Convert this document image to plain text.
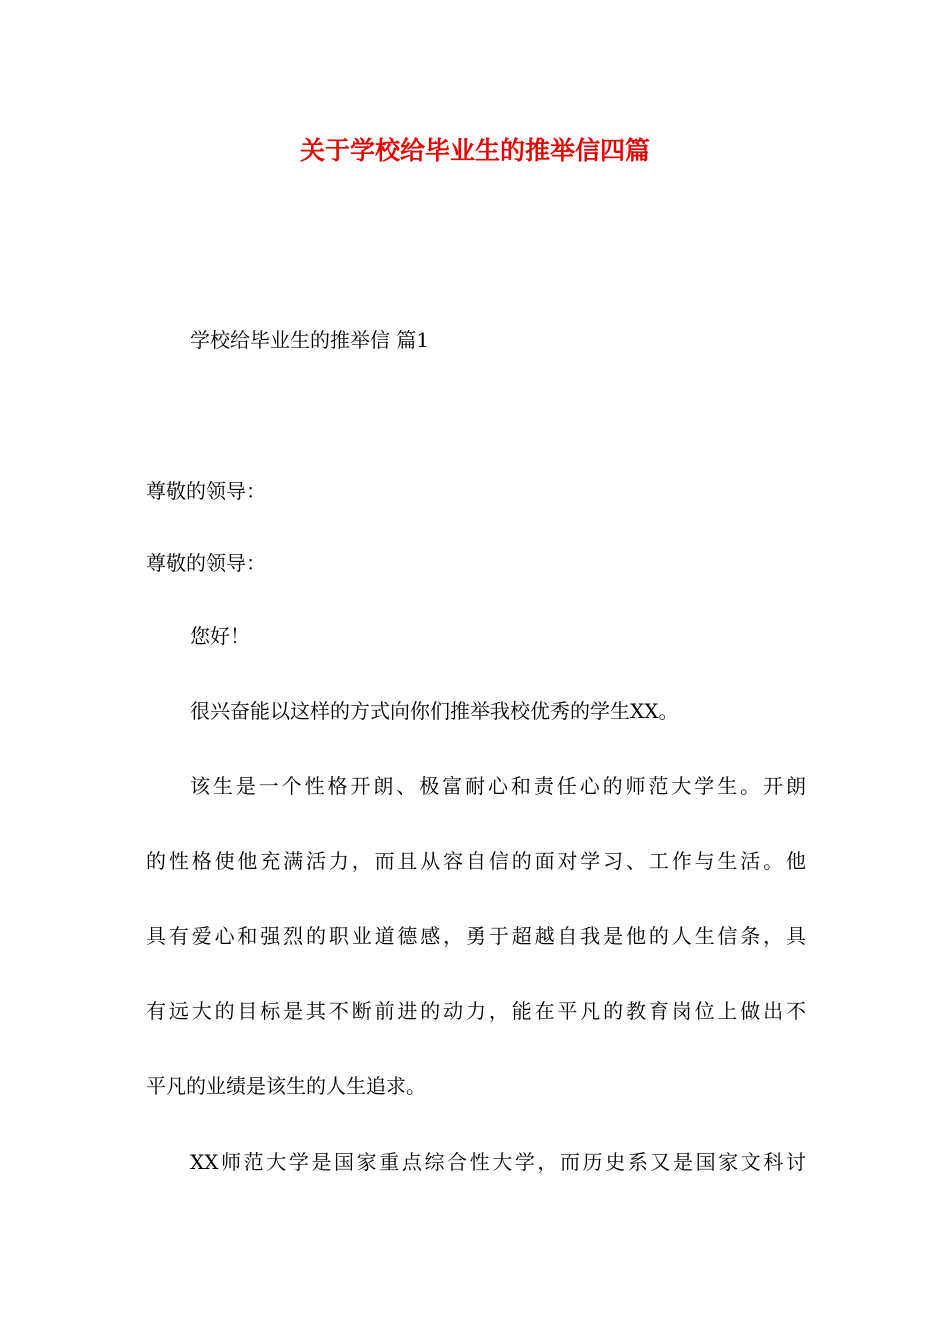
关于学校给毕业生的推举信四篇
学校给毕业生的推举信 篇1
尊敬的领导：
尊敬的领导：
您好！
很兴奋能以这样的方式向你们推举我校优秀的学生XX。
该生是一个性格开朗、极富耐心和责任心的师范大学生。开朗
的性格使他充满活力，而且从容自信的面对学习、工作与生活。他
具有爱心和强烈的职业道德感，勇于超越自我是他的人生信条，具
有远大的目标是其不断前进的动力，能在平凡的教育岗位上做出不
平凡的业绩是该生的人生追求。
XX师范大学是国家重点综合性大学，而历史系又是国家文科讨
